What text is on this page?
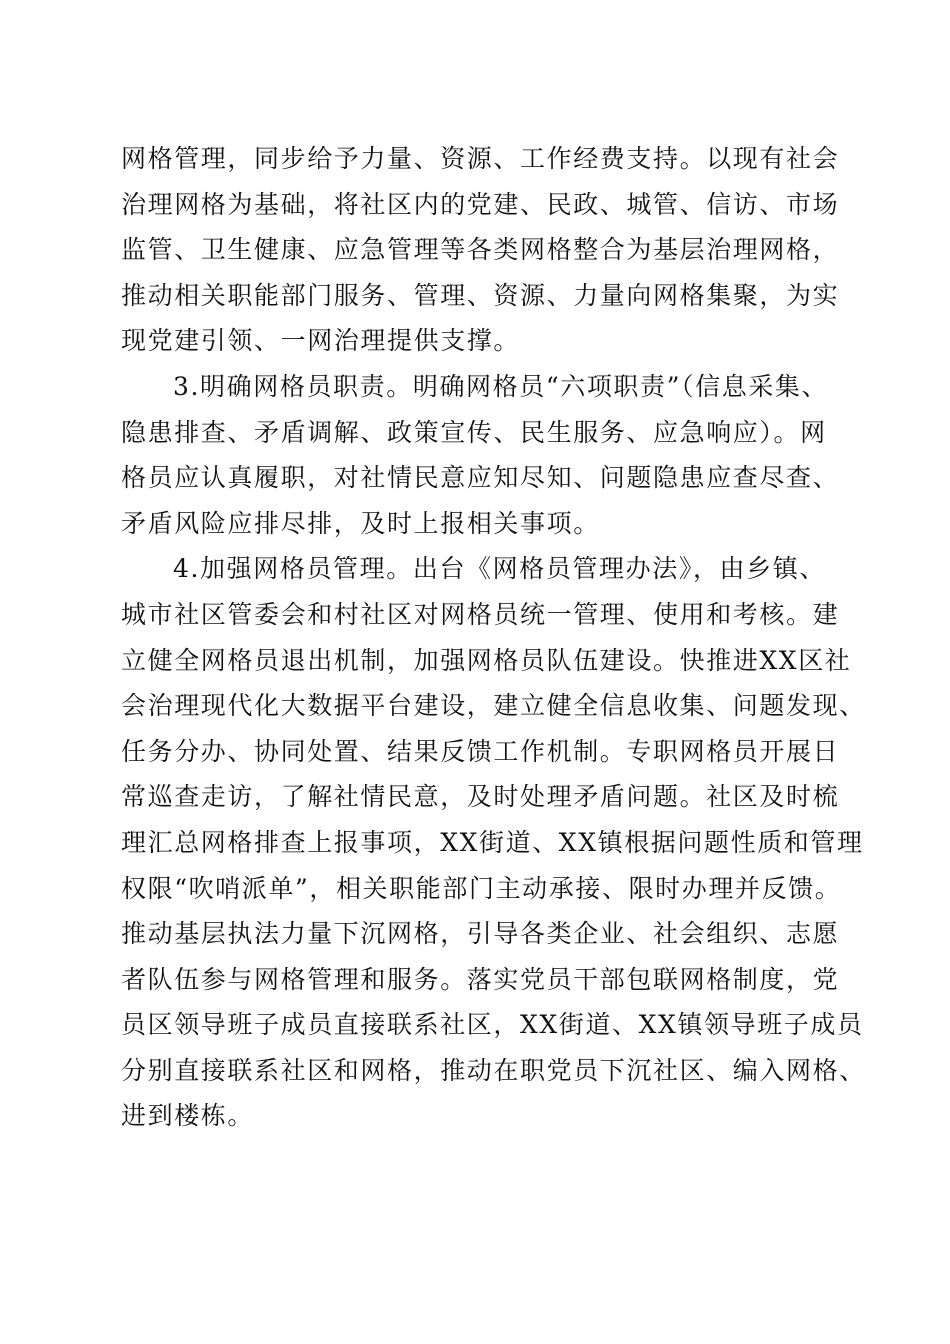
网格管理，同步给予力量、资源、工作经费支持。以现有社会
治理网格为基础，将社区内的党建、民政、城管、信访、市场
监管、卫生健康、应急管理等各类网格整合为基层治理网格，
推动相关职能部门服务、管理、资源、力量向网格集聚，为实
现党建引领、一网治理提供支撑。
3.明确网格员职责。明确网格员“六项职责”（信息采集、
隐患排查、矛盾调解、政策宣传、民生服务、应急响应）。网
格员应认真履职，对社情民意应知尽知、问题隐患应查尽查、
矛盾风险应排尽排，及时上报相关事项。
4.加强网格员管理。出台《网格员管理办法》，由乡镇、
城市社区管委会和村社区对网格员统一管理、使用和考核。建
立健全网格员退出机制，加强网格员队伍建设。快推进XX区社
会治理现代化大数据平台建设，建立健全信息收集、问题发现、
任务分办、协同处置、结果反馈工作机制。专职网格员开展日
常巡查走访，了解社情民意，及时处理矛盾问题。社区及时梳
理汇总网格排查上报事项，XX街道、XX镇根据问题性质和管理
权限“吹哨派单”，相关职能部门主动承接、限时办理并反馈。
推动基层执法力量下沉网格，引导各类企业、社会组织、志愿
者队伍参与网格管理和服务。落实党员干部包联网格制度，党
员区领导班子成员直接联系社区，XX街道、XX镇领导班子成员
分别直接联系社区和网格，推动在职党员下沉社区、编入网格、
进到楼栋。
